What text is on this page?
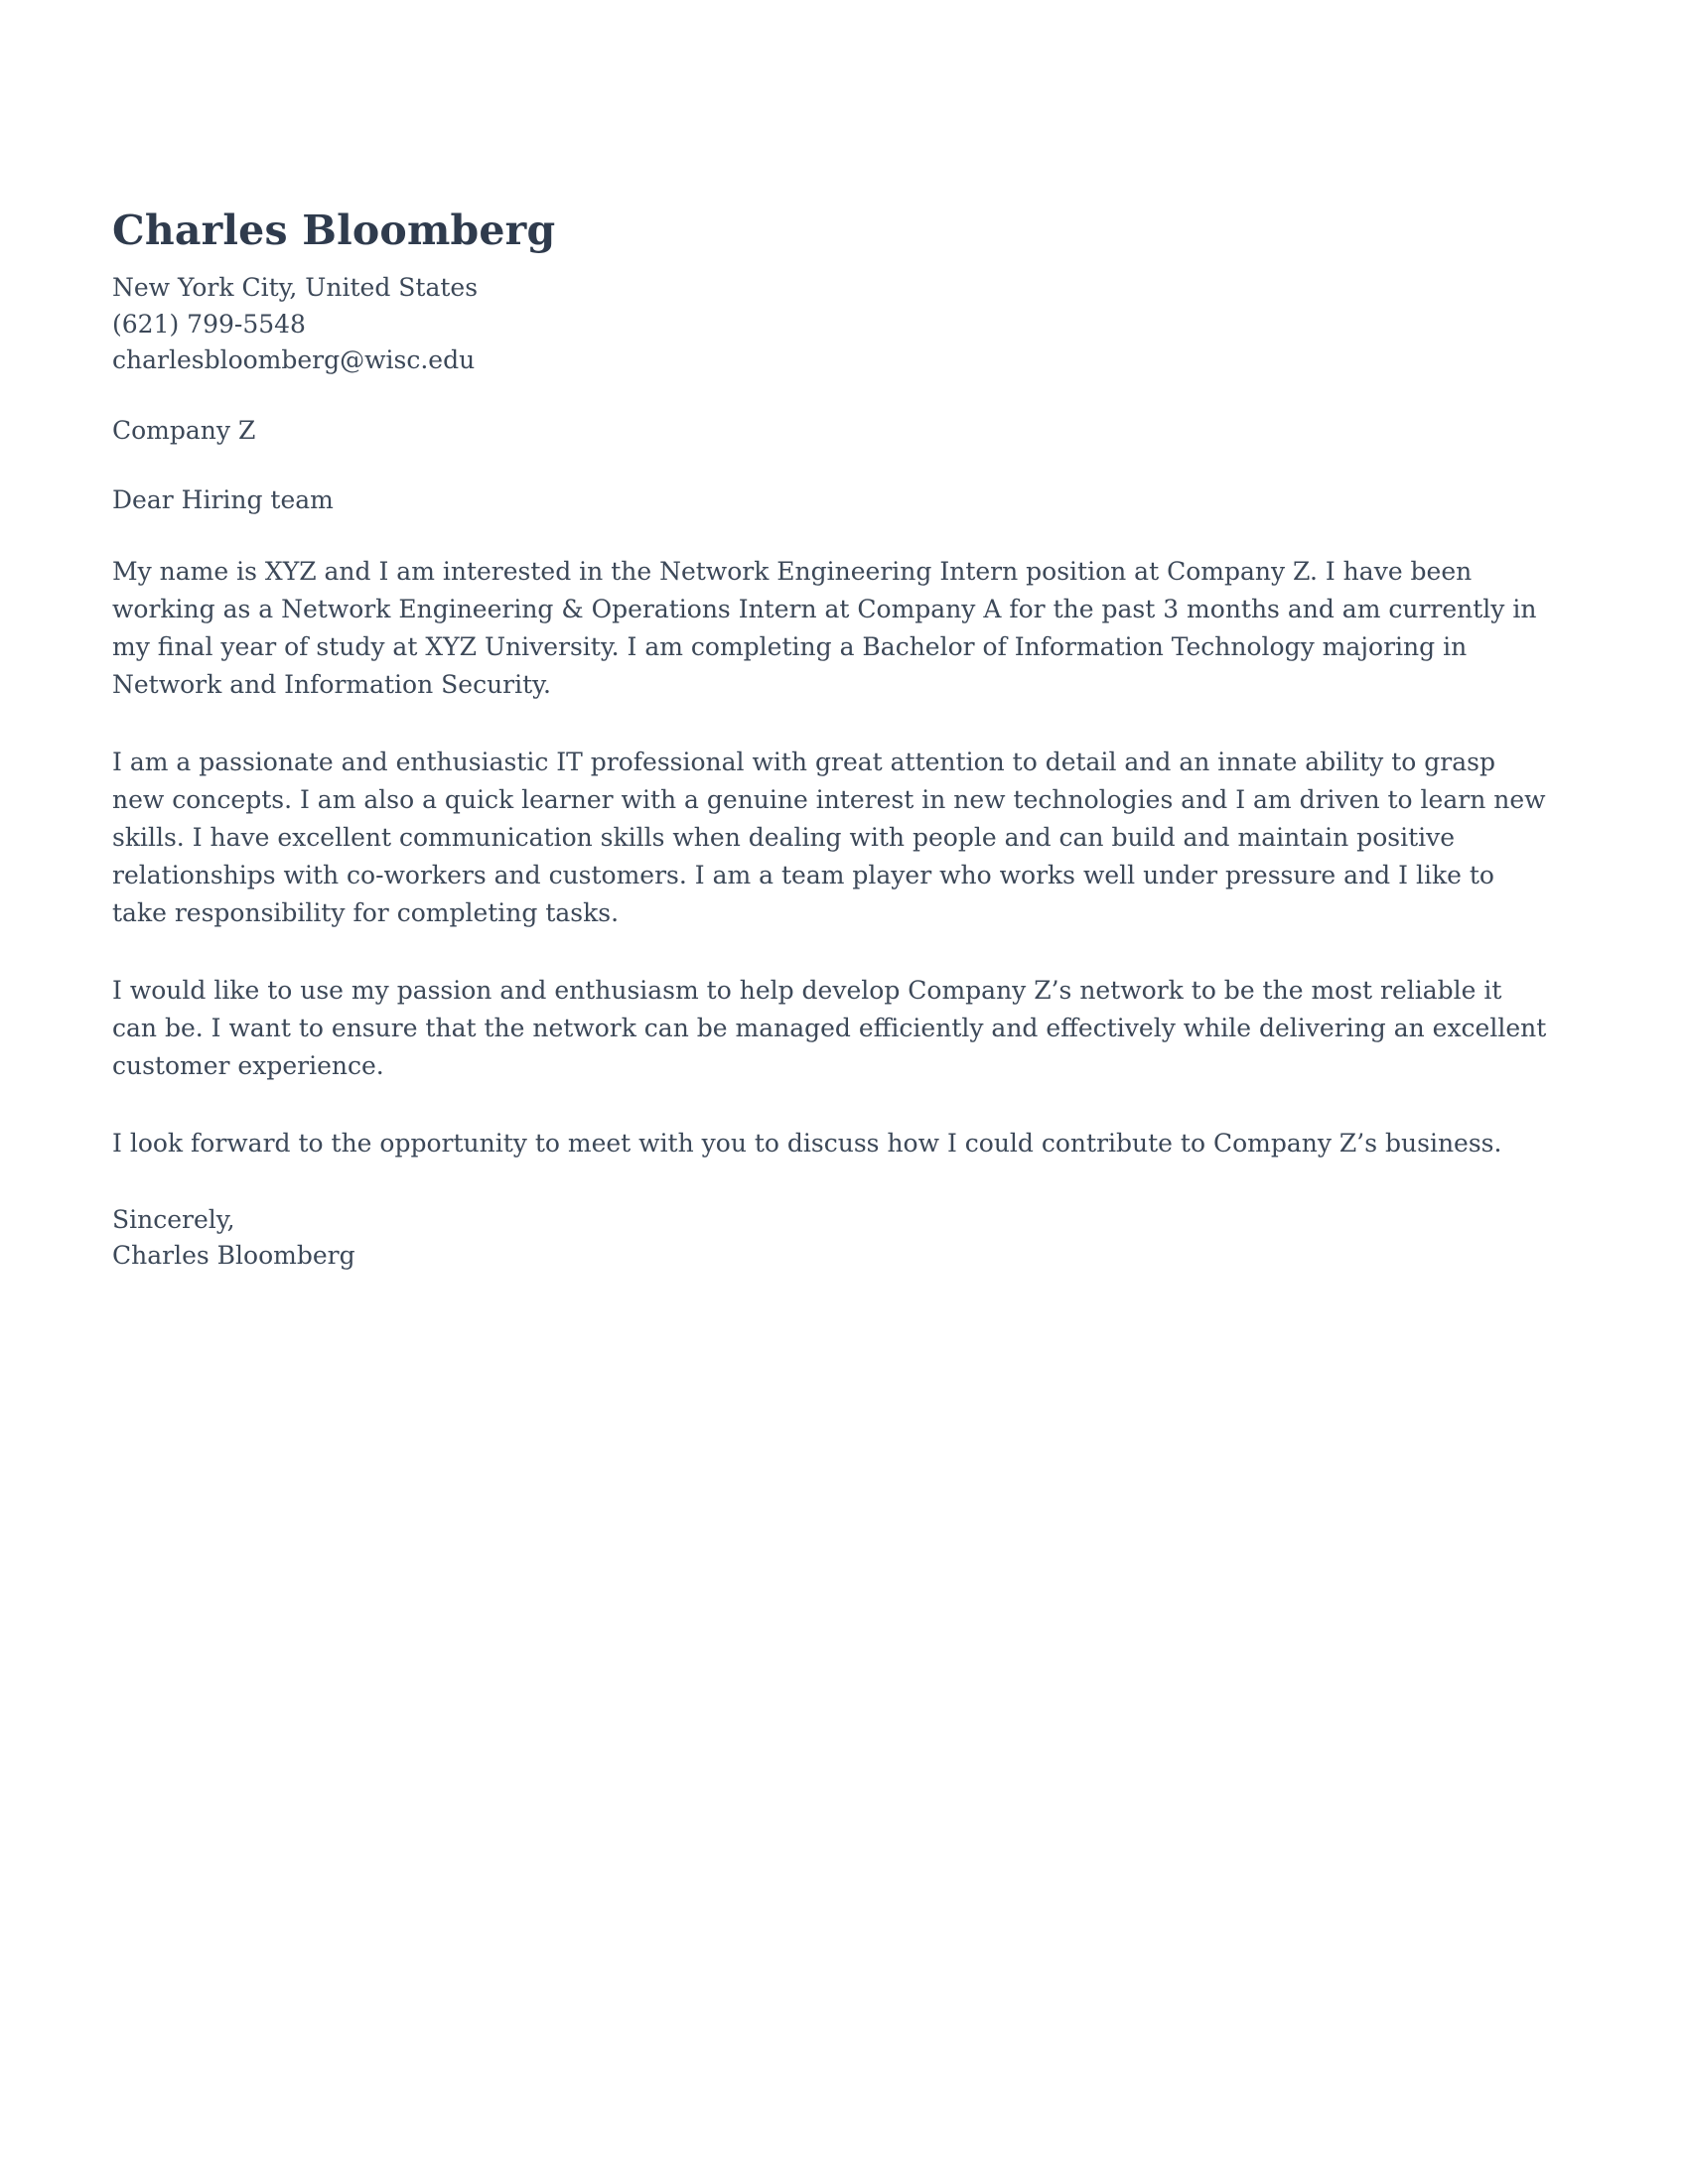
Charles Bloomberg
New York City, United States
(621) 799-5548
charlesbloomberg@wisc.edu
Company Z
Dear Hiring team

My name is XYZ and I am interested in the Network Engineering Intern position at Company Z. I have been working as a Network Engineering & Operations Intern at Company A for the past 3 months and am currently in my final year of study at XYZ University. I am completing a Bachelor of Information Technology majoring in Network and Information Security.

I am a passionate and enthusiastic IT professional with great attention to detail and an innate ability to grasp new concepts. I am also a quick learner with a genuine interest in new technologies and I am driven to learn new skills. I have excellent communication skills when dealing with people and can build and maintain positive relationships with co-workers and customers. I am a team player who works well under pressure and I like to take responsibility for completing tasks.

I would like to use my passion and enthusiasm to help develop Company Z’s network to be the most reliable it can be. I want to ensure that the network can be managed efficiently and effectively while delivering an excellent customer experience.

I look forward to the opportunity to meet with you to discuss how I could contribute to Company Z’s business.

Sincerely,
Charles Bloomberg
